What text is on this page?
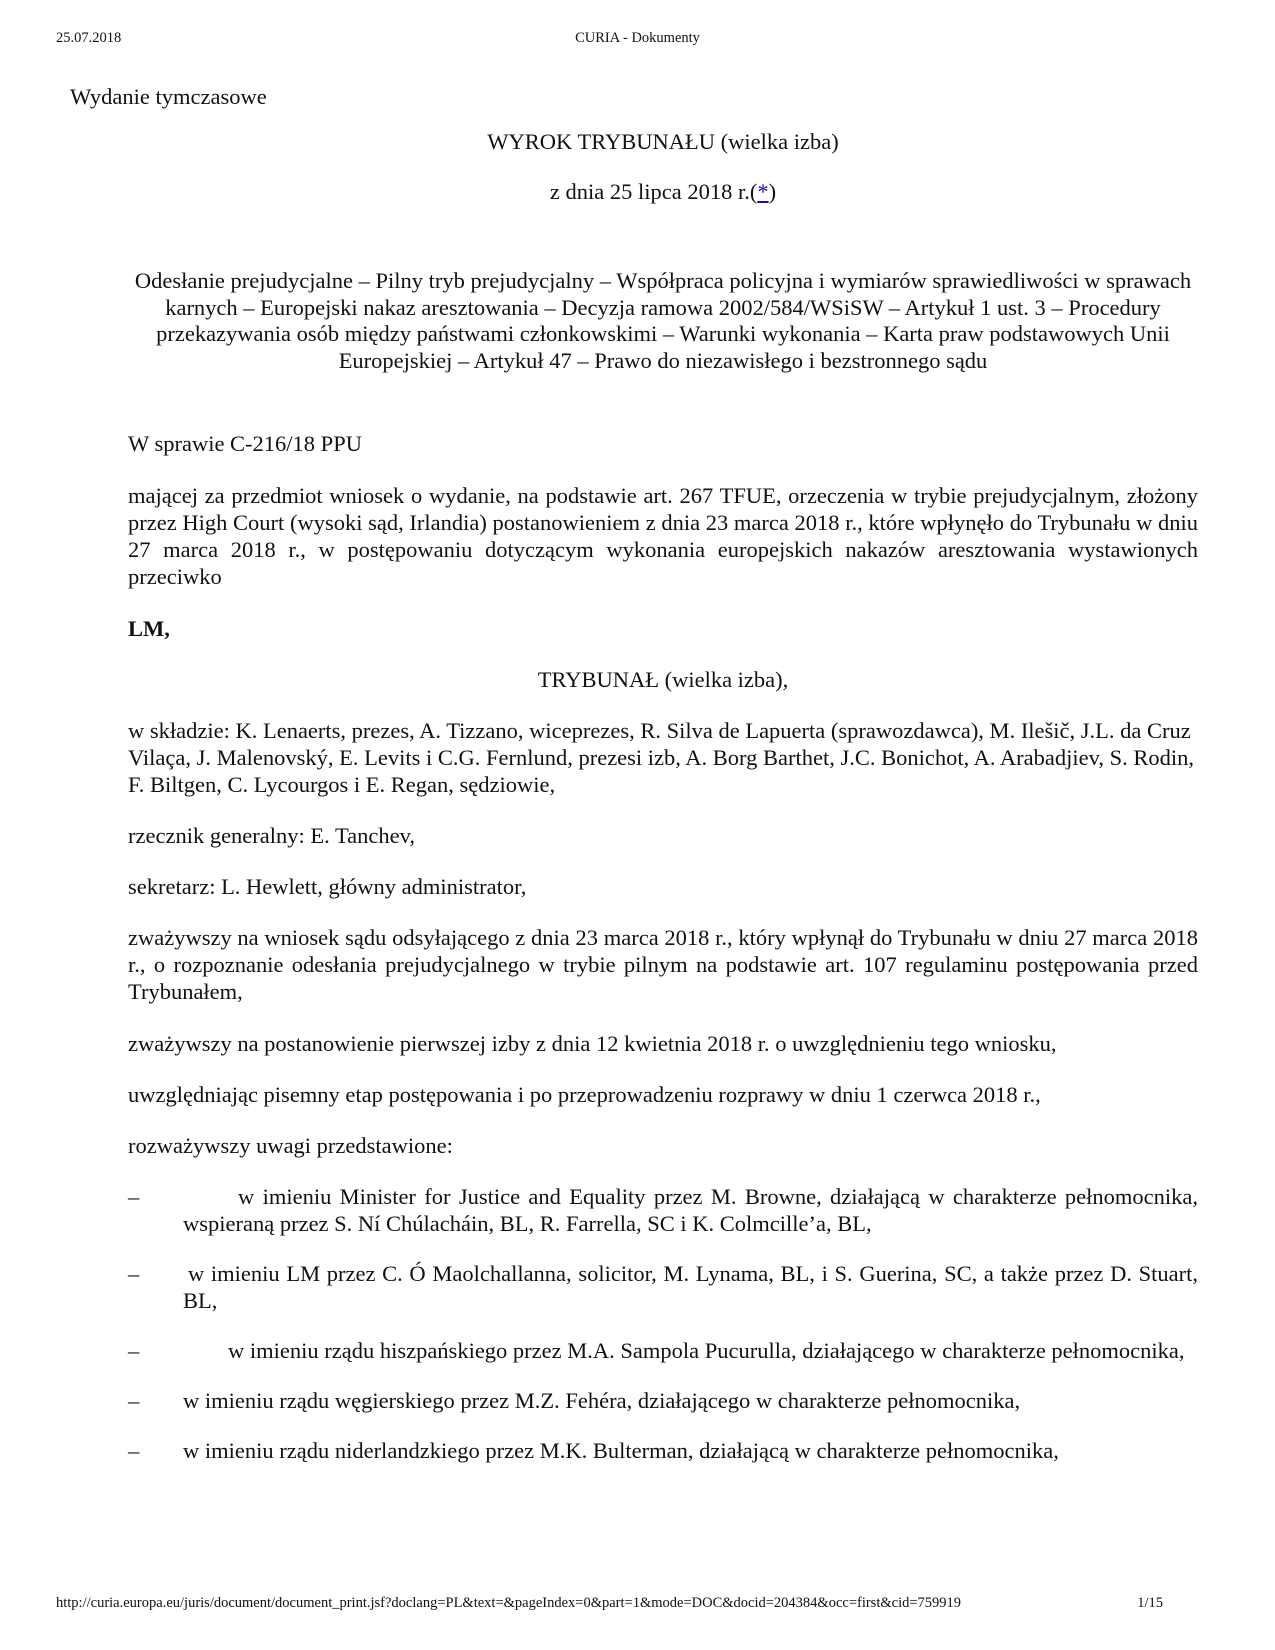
25.07.2018	CURIA - Dokumenty
Wydanie tymczasowe
WYROK TRYBUNAŁU (wielka izba)
z dnia 25 lipca 2018 r.(*)
Odesłanie prejudycjalne – Pilny tryb prejudycjalny – Współpraca policyjna i wymiarów sprawiedliwości w sprawach karnych – Europejski nakaz aresztowania – Decyzja ramowa 2002/584/WSiSW – Artykuł 1 ust. 3 – Procedury przekazywania osób między państwami członkowskimi – Warunki wykonania – Karta praw podstawowych Unii Europejskiej – Artykuł 47 – Prawo do niezawisłego i bezstronnego sądu

W sprawie C‑216/18 PPU

mającej za przedmiot wniosek o wydanie, na podstawie art. 267 TFUE, orzeczenia w trybie prejudycjalnym, złożony przez High Court (wysoki sąd, Irlandia) postanowieniem z dnia 23 marca 2018 r., które wpłynęło do Trybunału w dniu 27 marca 2018 r., w postępowaniu dotyczącym wykonania europejskich nakazów aresztowania wystawionych przeciwko

LM,

TRYBUNAŁ (wielka izba),

w składzie: K. Lenaerts, prezes, A. Tizzano, wiceprezes, R. Silva de Lapuerta (sprawozdawca), M. Ilešič, J.L. da Cruz Vilaça, J. Malenovský, E. Levits i C.G. Fernlund, prezesi izb, A. Borg Barthet, J.C. Bonichot, A. Arabadjiev, S. Rodin, F. Biltgen, C. Lycourgos i E. Regan, sędziowie,

rzecznik generalny: E. Tanchev,

sekretarz: L. Hewlett, główny administrator,

zważywszy na wniosek sądu odsyłającego z dnia 23 marca 2018 r., który wpłynął do Trybunału w dniu 27 marca 2018 r., o rozpoznanie odesłania prejudycjalnego w trybie pilnym na podstawie art. 107 regulaminu postępowania przed Trybunałem,

zważywszy na postanowienie pierwszej izby z dnia 12 kwietnia 2018 r. o uwzględnieniu tego wniosku,

uwzględniając pisemny etap postępowania i po przeprowadzeniu rozprawy w dniu 1 czerwca 2018 r.,

rozważywszy uwagi przedstawione:

–	w imieniu Minister for Justice and Equality przez M. Browne, działającą w charakterze pełnomocnika, wspieraną przez S. Ní Chúlacháin, BL, R. Farrella, SC i K. Colmcille’a, BL,
– w imieniu LM przez C. Ó Maolchallanna, solicitor, M. Lynama, BL, i S. Guerina, SC, a także przez D. Stuart, BL,
–	w imieniu rządu hiszpańskiego przez M.A. Sampola Pucurulla, działającego w charakterze pełnomocnika,
– w imieniu rządu węgierskiego przez M.Z. Fehéra, działającego w charakterze pełnomocnika,
– w imieniu rządu niderlandzkiego przez M.K. Bulterman, działającą w charakterze pełnomocnika,
http://curia.europa.eu/juris/document/document_print.jsf?doclang=PL&text=&pageIndex=0&part=1&mode=DOC&docid=204384&occ=first&cid=759919	1/15
